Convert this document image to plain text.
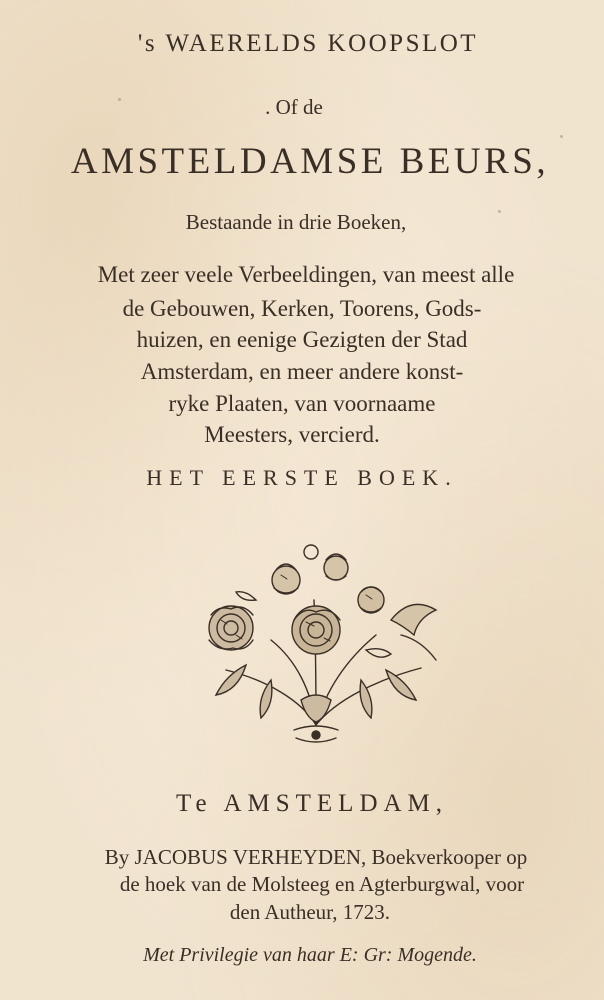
's WAERELDS KOOPSLOT
. Of de
AMSTELDAMSE BEURS,
Bestaande in drie Boeken,
Met zeer veele Verbeeldingen, van meest alle
de Gebouwen, Kerken, Toorens, Gods-
huizen, en eenige Gezigten der Stad
Amsterdam, en meer andere konst-
ryke Plaaten, van voornaame
Meesters, vercierd.
HET EERSTE BOEK.
Te AMSTELDAM,
By JACOBUS VERHEYDEN, Boekverkooper op
de hoek van de Molsteeg en Agterburgwal, voor
den Autheur, 1723.
Met Privilegie van haar E: Gr: Mogende.
